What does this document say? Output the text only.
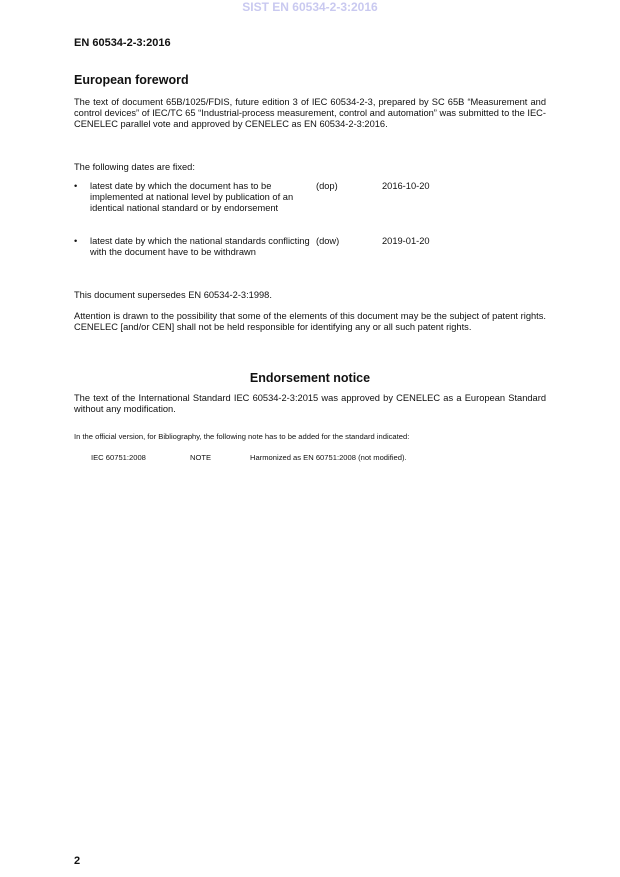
SIST EN 60534-2-3:2016
EN 60534-2-3:2016
European foreword
The text of document 65B/1025/FDIS, future edition 3 of IEC 60534-2-3, prepared by SC 65B “Measurement and control devices” of IEC/TC 65 “Industrial-process measurement, control and automation” was submitted to the IEC-CENELEC parallel vote and approved by CENELEC as EN 60534-2-3:2016.
The following dates are fixed:
• latest date by which the document has to be implemented at national level by publication of an identical national standard or by endorsement
(dop)	2016-10-20
• latest date by which the national standards conflicting with the document have to be withdrawn
(dow)	2019-01-20
This document supersedes EN 60534-2-3:1998.
Attention is drawn to the possibility that some of the elements of this document may be the subject of patent rights. CENELEC [and/or CEN] shall not be held responsible for identifying any or all such patent rights.
Endorsement notice
The text of the International Standard IEC 60534-2-3:2015 was approved by CENELEC as a European Standard without any modification.
In the official version, for Bibliography, the following note has to be added for the standard indicated:
IEC 60751:2008	NOTE	Harmonized as EN 60751:2008 (not modified).
2
